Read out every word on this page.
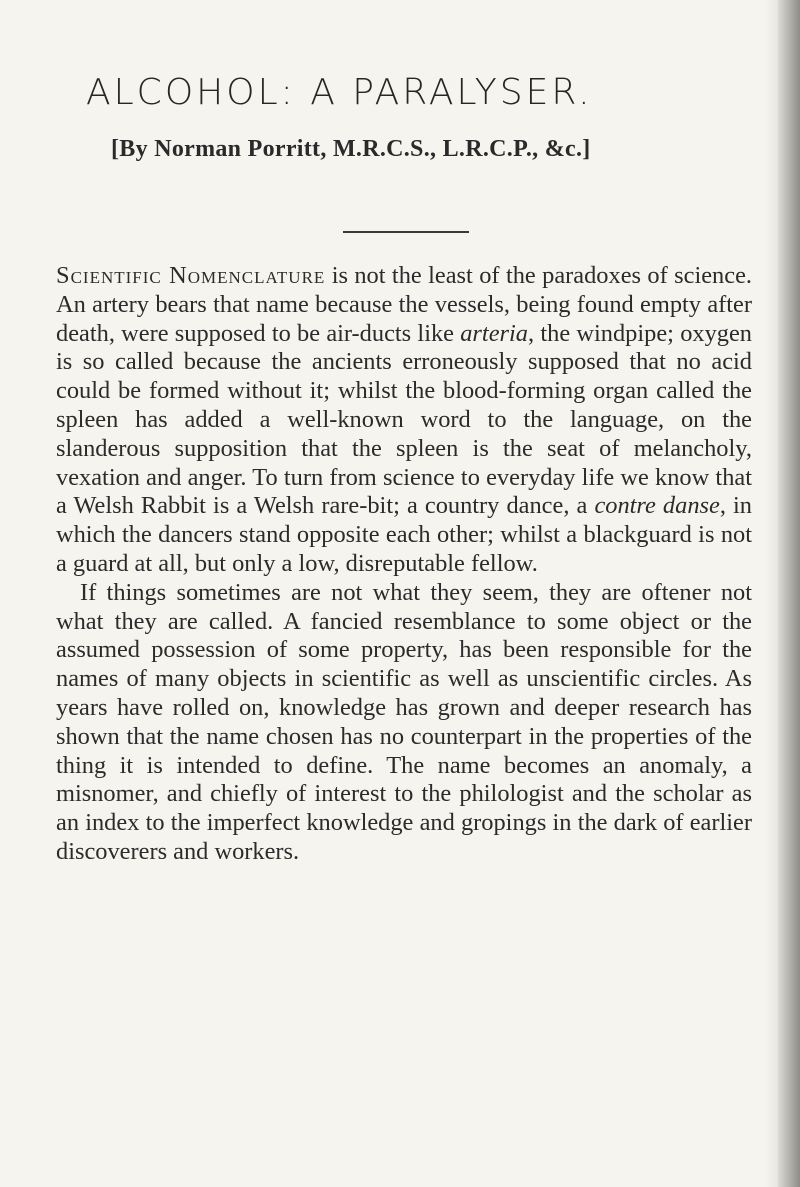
ALCOHOL: A PARALYSER.
[By Norman Porritt, M.R.C.S., L.R.C.P., &c.]

Scientific Nomenclature is not the least of the paradoxes of science. An artery bears that name because the vessels, being found empty after death, were supposed to be air-ducts like arteria, the windpipe; oxygen is so called because the ancients erroneously supposed that no acid could be formed without it; whilst the blood-forming organ called the spleen has added a well-known word to the language, on the slanderous supposition that the spleen is the seat of melancholy, vexation and anger. To turn from science to everyday life we know that a Welsh Rabbit is a Welsh rare-bit; a country dance, a contre danse, in which the dancers stand opposite each other; whilst a blackguard is not a guard at all, but only a low, disreputable fellow.

If things sometimes are not what they seem, they are oftener not what they are called. A fancied resemblance to some object or the assumed possession of some property, has been responsible for the names of many objects in scientific as well as unscientific circles. As years have rolled on, knowledge has grown and deeper research has shown that the name chosen has no counterpart in the properties of the thing it is intended to define. The name becomes an anomaly, a misnomer, and chiefly of interest to the philologist and the scholar as an index to the imperfect knowledge and gropings in the dark of earlier discoverers and workers.
